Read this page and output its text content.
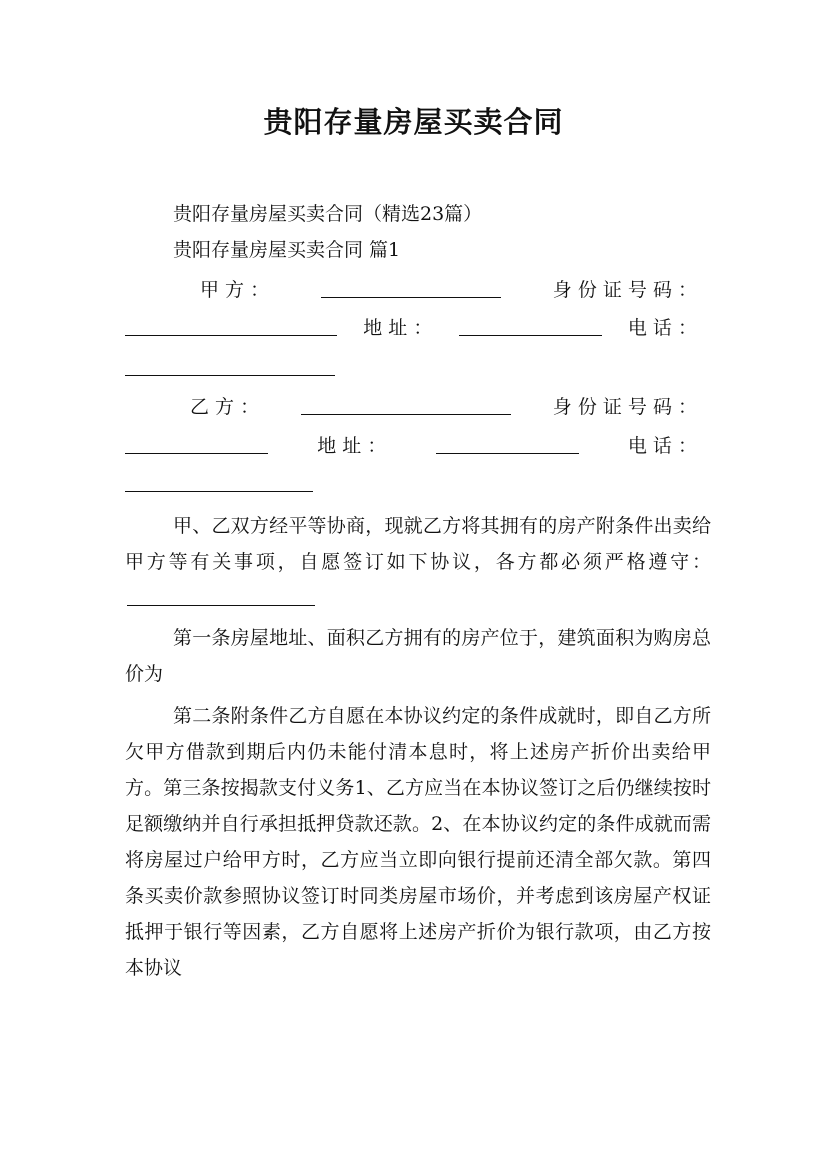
贵阳存量房屋买卖合同
贵阳存量房屋买卖合同（精选23篇）
贵阳存量房屋买卖合同 篇1
甲 方 ：	身 份 证 号 码 ：
地 址 ：	电 话 ：
乙 方 ：	身 份 证 号 码 ：
地 址 ：	电 话 ：
甲、乙双方经平等协商，现就乙方将其拥有的房产附条件出卖给甲方等有关事项，自愿签订如下协议，各方都必须严格遵守：
第一条房屋地址、面积乙方拥有的房产位于，建筑面积为购房总价为
第二条附条件乙方自愿在本协议约定的条件成就时，即自乙方所欠甲方借款到期后内仍未能付清本息时，将上述房产折价出卖给甲方。第三条按揭款支付义务1、乙方应当在本协议签订之后仍继续按时足额缴纳并自行承担抵押贷款还款。2、在本协议约定的条件成就而需将房屋过户给甲方时，乙方应当立即向银行提前还清全部欠款。第四条买卖价款参照协议签订时同类房屋市场价，并考虑到该房屋产权证抵押于银行等因素，乙方自愿将上述房产折价为银行款项，由乙方按本协议
